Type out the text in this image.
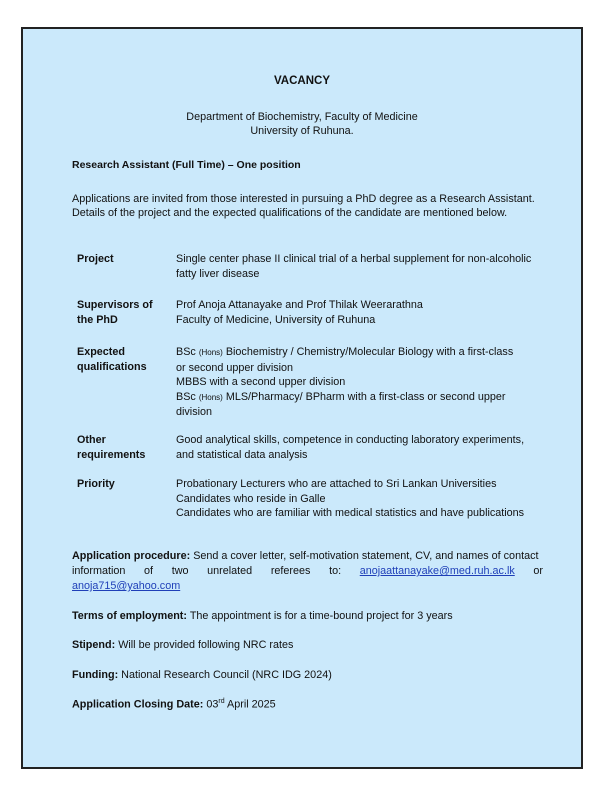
VACANCY
Department of Biochemistry, Faculty of Medicine
University of Ruhuna.
Research Assistant (Full Time) – One position
Applications are invited from those interested in pursuing a PhD degree as a Research Assistant.
Details of the project and the expected qualifications of the candidate are mentioned below.
Project	Single center phase II clinical trial of a herbal supplement for non-alcoholic
fatty liver disease
Supervisors of
the PhD
Prof Anoja Attanayake and Prof Thilak Weerarathna
Faculty of Medicine, University of Ruhuna
Expected
qualifications
BSc (Hons) Biochemistry / Chemistry/Molecular Biology with a first-class
or second upper division
MBBS with a second upper division
BSc (Hons) MLS/Pharmacy/ BPharm with a first-class or second upper
division
Other
requirements
Good analytical skills, competence in conducting laboratory experiments,
and statistical data analysis
Priority	Probationary Lecturers who are attached to Sri Lankan Universities
Candidates who reside in Galle
Candidates who are familiar with medical statistics and have publications
Application procedure: Send a cover letter, self-motivation statement, CV, and names of contact
information of two unrelated referees to: anojaattanayake@med.ruh.ac.lk or
anoja715@yahoo.com
Terms of employment: The appointment is for a time-bound project for 3 years
Stipend: Will be provided following NRC rates
Funding: National Research Council (NRC IDG 2024)
Application Closing Date: 03rd April 2025
